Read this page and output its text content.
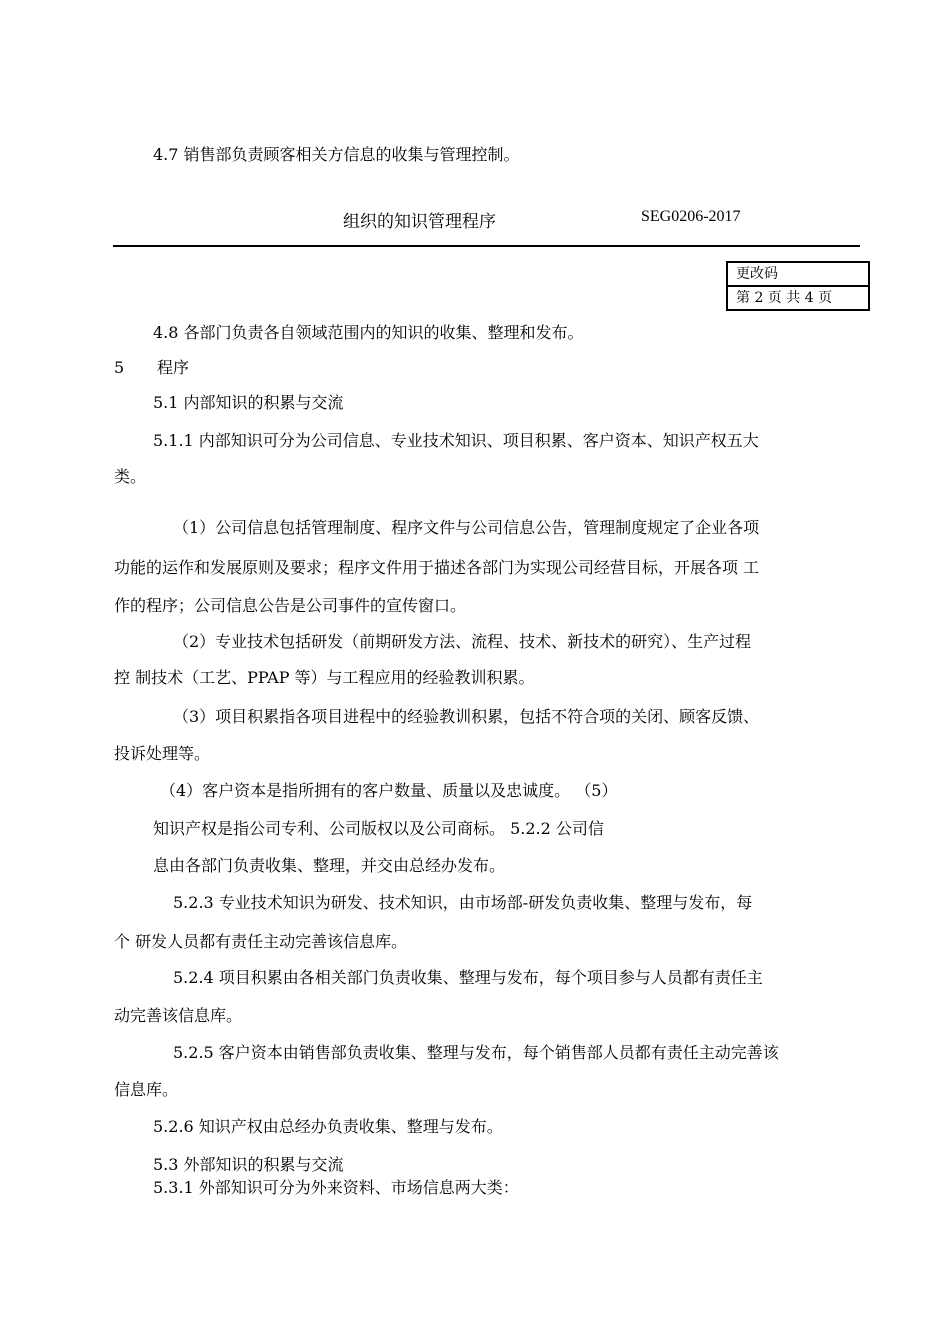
4.7 销售部负责顾客相关方信息的收集与管理控制。
组织的知识管理程序	SEG0206-2017
更改码
第 2 页 共 4 页
4.8 各部门负责各自领域范围内的知识的收集、整理和发布。
5 程序
5.1 内部知识的积累与交流
5.1.1 内部知识可分为公司信息、专业技术知识、项目积累、客户资本、知识产权五大
类。
（1）公司信息包括管理制度、程序文件与公司信息公告，管理制度规定了企业各项
功能的运作和发展原则及要求；程序文件用于描述各部门为实现公司经营目标，开展各项 工
作的程序；公司信息公告是公司事件的宣传窗口。
（2）专业技术包括研发（前期研发方法、流程、技术、新技术的研究）、生产过程
控 制技术（工艺、PPAP 等）与工程应用的经验教训积累。
（3）项目积累指各项目进程中的经验教训积累，包括不符合项的关闭、顾客反馈、
投诉处理等。
（4）客户资本是指所拥有的客户数量、质量以及忠诚度。 （5）
知识产权是指公司专利、公司版权以及公司商标。 5.2.2 公司信
息由各部门负责收集、整理，并交由总经办发布。
5.2.3 专业技术知识为研发、技术知识，由市场部-研发负责收集、整理与发布，每
个 研发人员都有责任主动完善该信息库。
5.2.4 项目积累由各相关部门负责收集、整理与发布，每个项目参与人员都有责任主
动完善该信息库。
5.2.5 客户资本由销售部负责收集、整理与发布，每个销售部人员都有责任主动完善该
信息库。
5.2.6 知识产权由总经办负责收集、整理与发布。
5.3 外部知识的积累与交流
5.3.1 外部知识可分为外来资料、市场信息两大类：
